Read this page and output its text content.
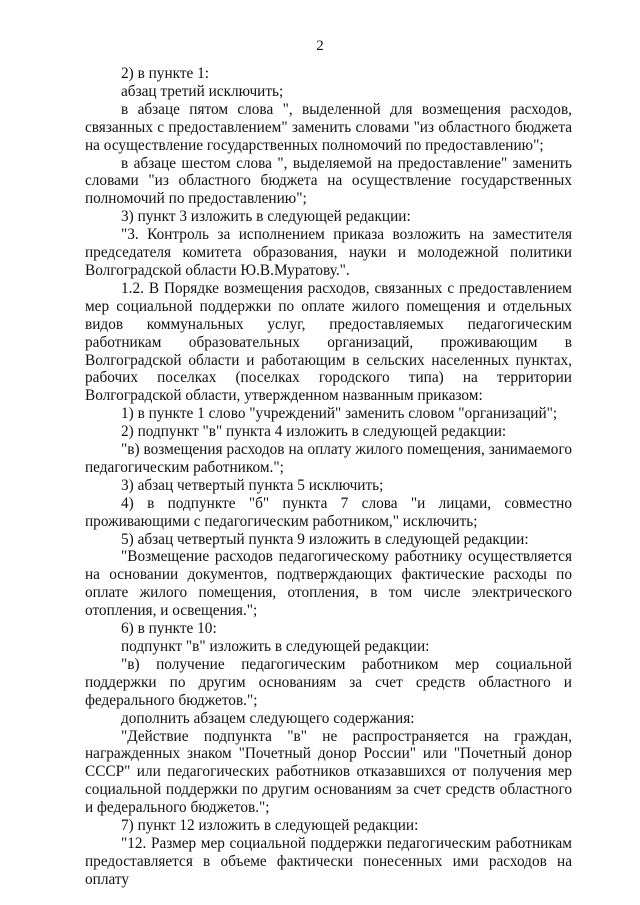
2

2) в пункте 1:

абзац третий исключить;

в абзаце пятом слова ", выделенной для возмещения расходов, связанных с предоставлением" заменить словами "из областного бюджета на осуществление государственных полномочий по предоставлению";

в абзаце шестом слова ", выделяемой на предоставление" заменить словами "из областного бюджета на осуществление государственных полномочий по предоставлению";

3) пункт 3 изложить в следующей редакции:

"3. Контроль за исполнением приказа возложить на заместителя председателя комитета образования, науки и молодежной политики Волгоградской области Ю.В.Муратову.".

1.2. В Порядке возмещения расходов, связанных с предоставлением мер социальной поддержки по оплате жилого помещения и отдельных видов коммунальных услуг, предоставляемых педагогическим работникам образовательных организаций, проживающим в Волгоградской области и работающим в сельских населенных пунктах, рабочих поселках (поселках городского типа) на территории Волгоградской области, утвержденном названным приказом:

1) в пункте 1 слово "учреждений" заменить словом "организаций";

2) подпункт "в" пункта 4 изложить в следующей редакции:

"в) возмещения расходов на оплату жилого помещения, занимаемого педагогическим работником.";

3) абзац четвертый пункта 5 исключить;

4) в подпункте "б" пункта 7 слова "и лицами, совместно проживающими с педагогическим работником," исключить;

5) абзац четвертый пункта 9 изложить в следующей редакции:

"Возмещение расходов педагогическому работнику осуществляется на основании документов, подтверждающих фактические расходы по оплате жилого помещения, отопления, в том числе электрического отопления, и освещения.";

6) в пункте 10:

подпункт "в" изложить в следующей редакции:

"в) получение педагогическим работником мер социальной поддержки по другим основаниям за счет средств областного и федерального бюджетов.";

дополнить абзацем следующего содержания:

"Действие подпункта "в" не распространяется на граждан, награжденных знаком "Почетный донор России" или "Почетный донор СССР" или педагогических работников отказавшихся от получения мер социальной поддержки по другим основаниям за счет средств областного и федерального бюджетов.";

7) пункт 12 изложить в следующей редакции:

"12. Размер мер социальной поддержки педагогическим работникам предоставляется в объеме фактически понесенных ими расходов на оплату
